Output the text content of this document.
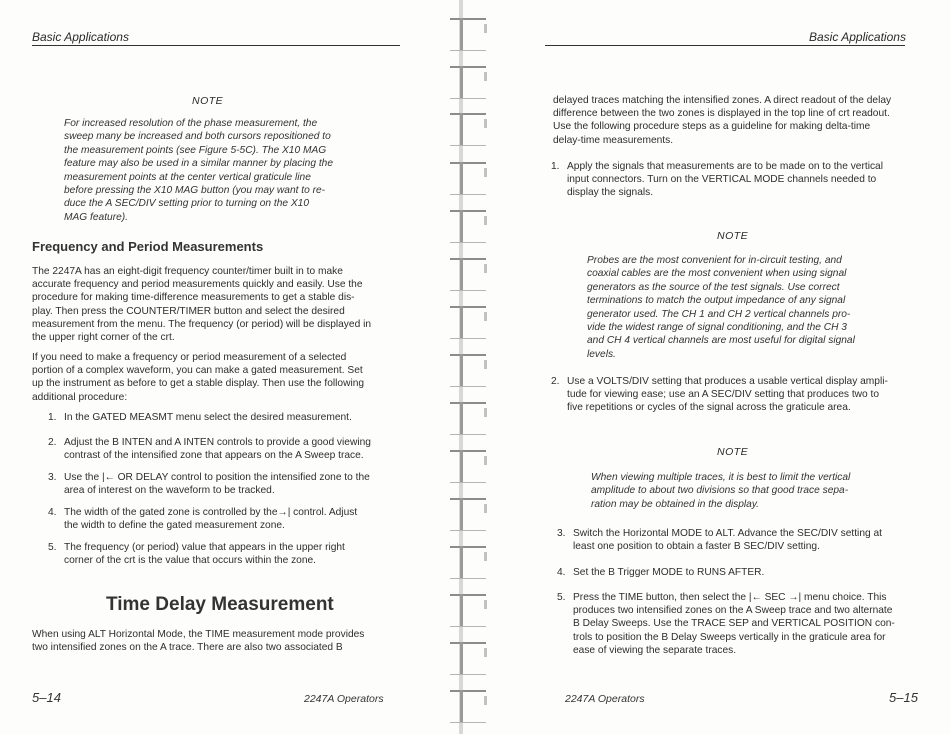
Basic Applications
NOTE
For increased resolution of the phase measurement, the
sweep many be increased and both cursors repositioned to
the measurement points (see Figure 5-5C). The X10 MAG
feature may also be used in a similar manner by placing the
measurement points at the center vertical graticule line
before pressing the X10 MAG button (you may want to re-
duce the A SEC/DIV setting prior to turning on the X10
MAG feature).
Frequency and Period Measurements
The 2247A has an eight-digit frequency counter/timer built in to make
accurate frequency and period measurements quickly and easily. Use the
procedure for making time-difference measurements to get a stable dis-
play. Then press the COUNTER/TIMER button and select the desired
measurement from the menu. The frequency (or period) will be displayed in
the upper right corner of the crt.
If you need to make a frequency or period measurement of a selected
portion of a complex waveform, you can make a gated measurement. Set
up the instrument as before to get a stable display. Then use the following
additional procedure:
1. In the GATED MEASMT menu select the desired measurement.
2. Adjust the B INTEN and A INTEN controls to provide a good viewing
contrast of the intensified zone that appears on the A Sweep trace.
3. Use the |← OR DELAY control to position the intensified zone to the
area of interest on the waveform to be tracked.
4. The width of the gated zone is controlled by the→| control. Adjust
the width to define the gated measurement zone.
5. The frequency (or period) value that appears in the upper right
corner of the crt is the value that occurs within the zone.
Time Delay Measurement
When using ALT Horizontal Mode, the TIME measurement mode provides
two intensified zones on the A trace. There are also two associated B
5–14	2247A Operators
Basic Applications
delayed traces matching the intensified zones. A direct readout of the delay
difference between the two zones is displayed in the top line of crt readout.
Use the following procedure steps as a guideline for making delta-time
delay-time measurements.
1. Apply the signals that measurements are to be made on to the vertical
input connectors. Turn on the VERTICAL MODE channels needed to
display the signals.
NOTE
Probes are the most convenient for in-circuit testing, and
coaxial cables are the most convenient when using signal
generators as the source of the test signals. Use correct
terminations to match the output impedance of any signal
generator used. The CH 1 and CH 2 vertical channels pro-
vide the widest range of signal conditioning, and the CH 3
and CH 4 vertical channels are most useful for digital signal
levels.
2. Use a VOLTS/DIV setting that produces a usable vertical display ampli-
tude for viewing ease; use an A SEC/DIV setting that produces two to
five repetitions or cycles of the signal across the graticule area.
NOTE
When viewing multiple traces, it is best to limit the vertical
amplitude to about two divisions so that good trace sepa-
ration may be obtained in the display.
3. Switch the Horizontal MODE to ALT. Advance the SEC/DIV setting at
least one position to obtain a faster B SEC/DIV setting.
4. Set the B Trigger MODE to RUNS AFTER.
5. Press the TIME button, then select the |← SEC →| menu choice. This
produces two intensified zones on the A Sweep trace and two alternate
B Delay Sweeps. Use the TRACE SEP and VERTICAL POSITION con-
trols to position the B Delay Sweeps vertically in the graticule area for
ease of viewing the separate traces.
2247A Operators	5–15
